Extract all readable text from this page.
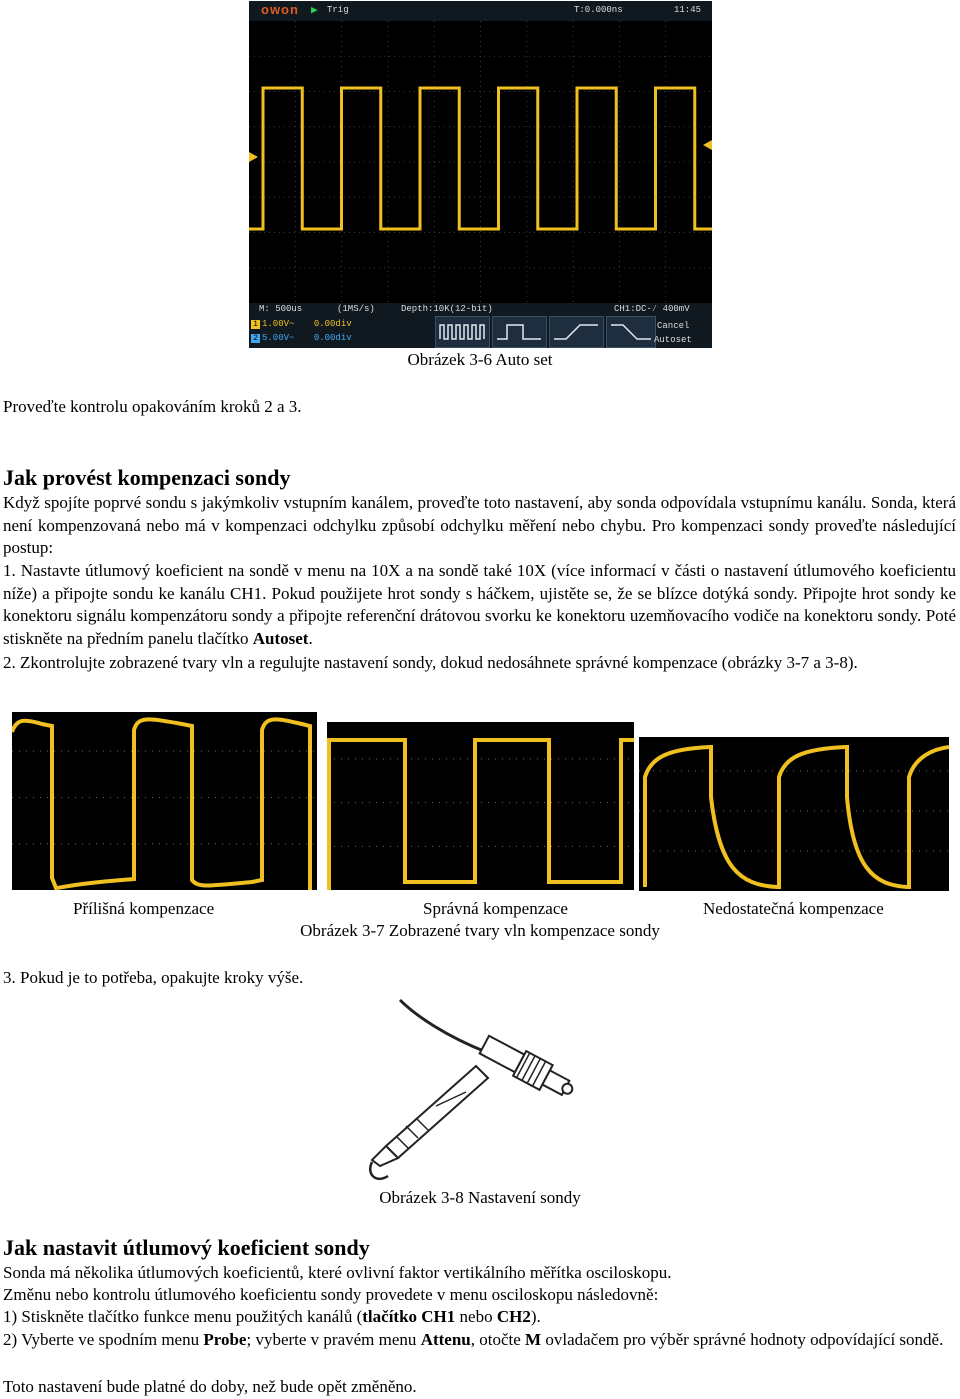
owon ▶ Trig	T:0.000ns	11:45
M: 500us	(1MS/s)	Depth:10K(12-bit)	CH1:DC-∕ 400mV
1 1.00V~ 0.00div
2 5.00V~ 0.00div
Cancel
Autoset
Obrázek 3-6 Auto set
Proveďte kontrolu opakováním kroků 2 a 3.
Jak provést kompenzaci sondy
Když spojíte poprvé sondu s jakýmkoliv vstupním kanálem, proveďte toto nastavení, aby sonda odpovídala vstupnímu kanálu. Sonda, která není kompenzovaná nebo má v kompenzaci odchylku způsobí odchylku měření nebo chybu. Pro kompenzaci sondy proveďte následující postup:
1. Nastavte útlumový koeficient na sondě v menu na 10X a na sondě také 10X (více informací v části o nastavení útlumového koeficientu níže) a připojte sondu ke kanálu CH1. Pokud použijete hrot sondy s háčkem, ujistěte se, že se blízce dotýká sondy. Připojte hrot sondy ke konektoru signálu kompenzátoru sondy a připojte referenční drátovou svorku ke konektoru uzemňovacího vodiče na konektoru sondy. Poté stiskněte na předním panelu tlačítko Autoset.
2. Zkontrolujte zobrazené tvary vln a regulujte nastavení sondy, dokud nedosáhnete správné kompenzace (obrázky 3-7 a 3-8).
Přílišná kompenzace	Správná kompenzace	Nedostatečná kompenzace
Obrázek 3-7 Zobrazené tvary vln kompenzace sondy
3. Pokud je to potřeba, opakujte kroky výše.
Obrázek 3-8 Nastavení sondy
Jak nastavit útlumový koeficient sondy
Sonda má několika útlumových koeficientů, které ovlivní faktor vertikálního měřítka osciloskopu.
Změnu nebo kontrolu útlumového koeficientu sondy provedete v menu osciloskopu následovně:
1) Stiskněte tlačítko funkce menu použitých kanálů (tlačítko CH1 nebo CH2).
2) Vyberte ve spodním menu Probe; vyberte v pravém menu Attenu, otočte M ovladačem pro výběr správné hodnoty odpovídající sondě.
Toto nastavení bude platné do doby, než bude opět změněno.
